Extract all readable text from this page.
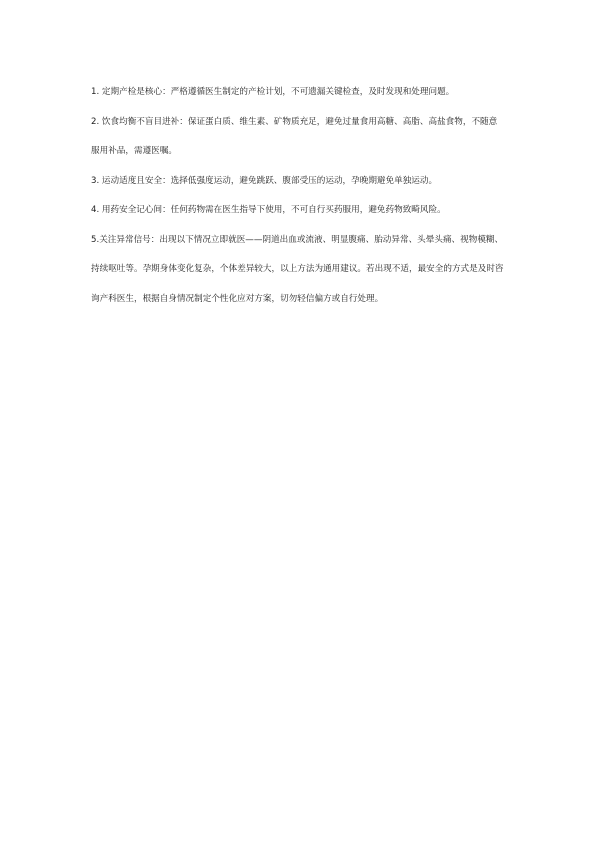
1. 定期产检是核心：严格遵循医生制定的产检计划，不可遗漏关键检查，及时发现和处理问题。

2. 饮食均衡不盲目进补：保证蛋白质、维生素、矿物质充足，避免过量食用高糖、高脂、高盐食物，不随意服用补品，需遵医嘱。

3. 运动适度且安全：选择低强度运动，避免跳跃、腹部受压的运动，孕晚期避免单独运动。

4. 用药安全记心间：任何药物需在医生指导下使用，不可自行买药服用，避免药物致畸风险。

5.关注异常信号：出现以下情况立即就医——阴道出血或流液、明显腹痛、胎动异常、头晕头痛、视物模糊、持续呕吐等。孕期身体变化复杂，个体差异较大，以上方法为通用建议。若出现不适，最安全的方式是及时咨询产科医生，根据自身情况制定个性化应对方案，切勿轻信偏方或自行处理。
